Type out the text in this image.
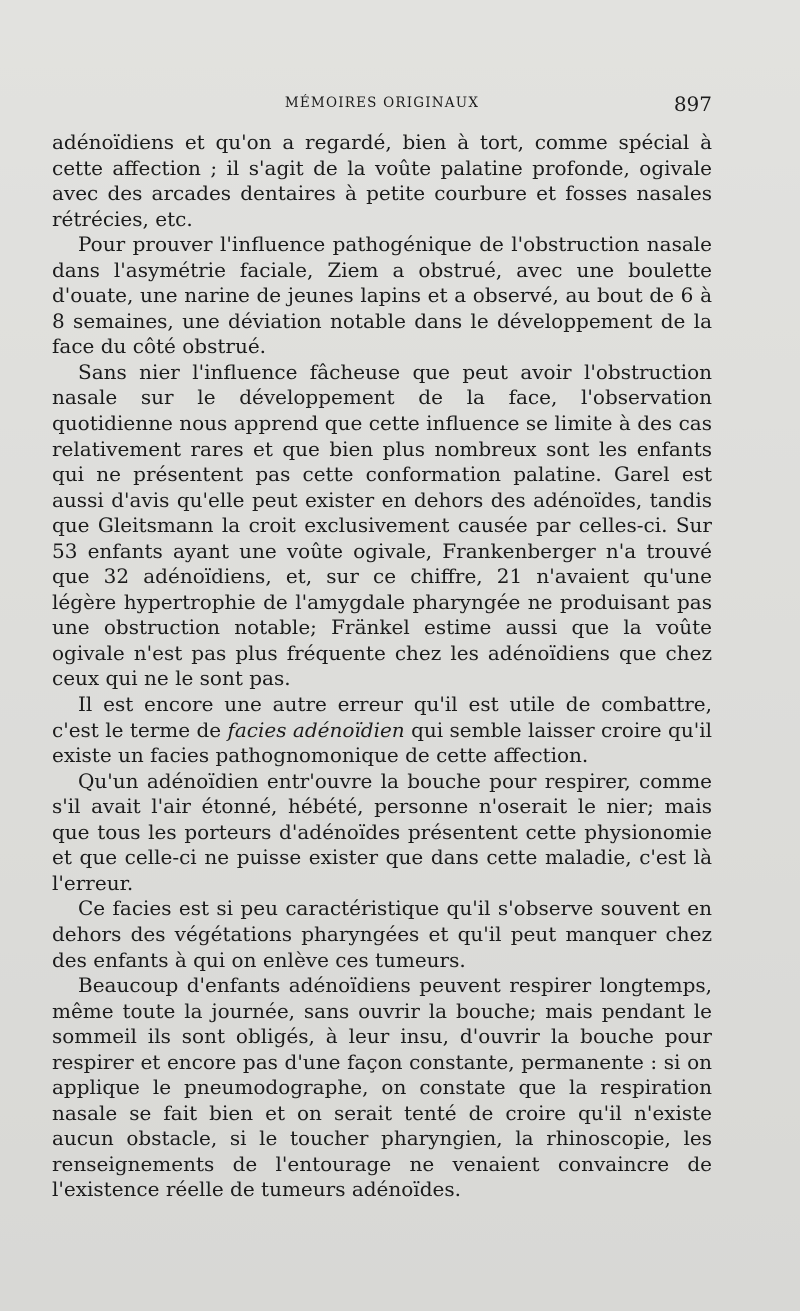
MÉMOIRES ORIGINAUX	897

adénoïdiens et qu'on a regardé, bien à tort, comme spécial à cette affection ; il s'agit de la voûte palatine profonde, ogivale avec des arcades dentaires à petite courbure et fosses nasales rétrécies, etc.

Pour prouver l'influence pathogénique de l'obstruction nasale dans l'asymétrie faciale, Ziem a obstrué, avec une boulette d'ouate, une narine de jeunes lapins et a observé, au bout de 6 à 8 semaines, une déviation notable dans le développement de la face du côté obstrué.

Sans nier l'influence fâcheuse que peut avoir l'obstruction nasale sur le développement de la face, l'observation quotidienne nous apprend que cette influence se limite à des cas relativement rares et que bien plus nombreux sont les enfants qui ne présentent pas cette conformation palatine. Garel est aussi d'avis qu'elle peut exister en dehors des adénoïdes, tandis que Gleitsmann la croit exclusivement causée par celles-ci. Sur 53 enfants ayant une voûte ogivale, Frankenberger n'a trouvé que 32 adénoïdiens, et, sur ce chiffre, 21 n'avaient qu'une légère hypertrophie de l'amygdale pharyngée ne produisant pas une obstruction notable; Fränkel estime aussi que la voûte ogivale n'est pas plus fréquente chez les adénoïdiens que chez ceux qui ne le sont pas.

Il est encore une autre erreur qu'il est utile de combattre, c'est le terme de facies adénoïdien qui semble laisser croire qu'il existe un facies pathognomonique de cette affection.

Qu'un adénoïdien entr'ouvre la bouche pour respirer, comme s'il avait l'air étonné, hébété, personne n'oserait le nier; mais que tous les porteurs d'adénoïdes présentent cette physionomie et que celle-ci ne puisse exister que dans cette maladie, c'est là l'erreur.

Ce facies est si peu caractéristique qu'il s'observe souvent en dehors des végétations pharyngées et qu'il peut manquer chez des enfants à qui on enlève ces tumeurs.

Beaucoup d'enfants adénoïdiens peuvent respirer longtemps, même toute la journée, sans ouvrir la bouche; mais pendant le sommeil ils sont obligés, à leur insu, d'ouvrir la bouche pour respirer et encore pas d'une façon constante, permanente : si on applique le pneumodographe, on constate que la respiration nasale se fait bien et on serait tenté de croire qu'il n'existe aucun obstacle, si le toucher pharyngien, la rhinoscopie, les renseignements de l'entourage ne venaient convaincre de l'existence réelle de tumeurs adénoïdes.
